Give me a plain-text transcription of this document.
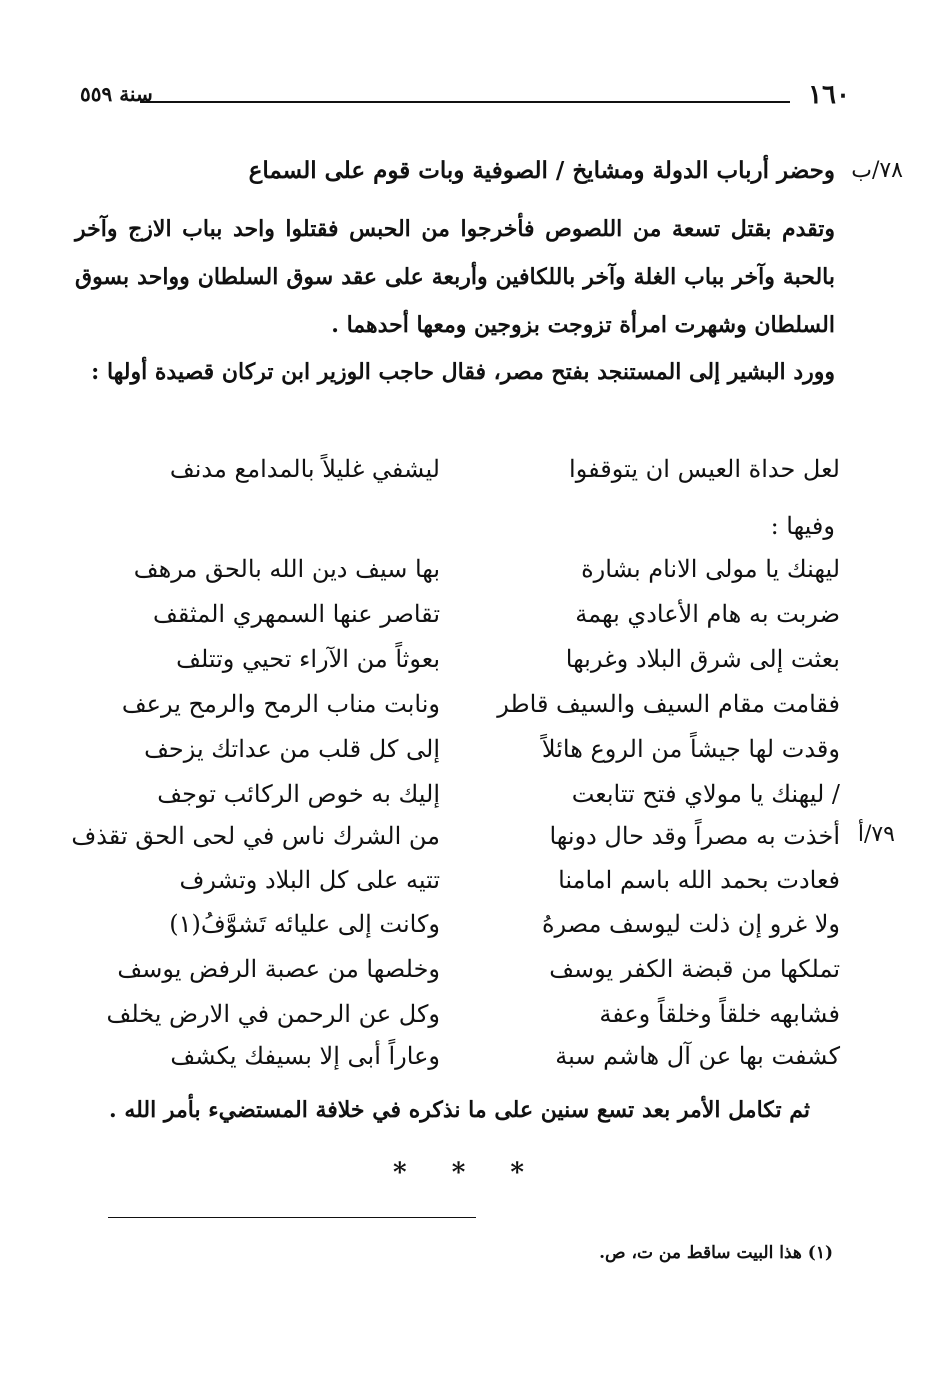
١٦٠
سنة ٥٥٩
٧٨/ب
وحضر أرباب الدولة ومشايخ / الصوفية وبات قوم على السماع
وتقدم بقتل تسعة من اللصوص فأخرجوا من الحبس فقتلوا واحد بباب الازج وآخر بالحبة وآخر بباب الغلة وآخر باللكافين وأربعة على عقد سوق السلطان وواحد بسوق السلطان وشهرت امرأة تزوجت بزوجين ومعها أحدهما .
وورد البشير إلى المستنجد بفتح مصر، فقال حاجب الوزير ابن تركان قصيدة أولها :
لعل حداة العيس ان يتوقفوا
ليشفي غليلاً بالمدامع مدنف
وفيها :
ليهنك يا مولى الانام بشارة
بها سيف دين الله بالحق مرهف
ضربت به هام الأعادي بهمة
تقاصر عنها السمهري المثقف
بعثت إلى شرق البلاد وغربها
بعوثاً من الآراء تحيي وتتلف
فقامت مقام السيف والسيف قاطر
ونابت مناب الرمح والرمح يرعف
وقدت لها جيشاً من الروع هائلاً
إلى كل قلب من عداتك يزحف
/ ليهنك يا مولاي فتح تتابعت
إليك به خوص الركائب توجف
٧٩/أ
أخذت به مصراً وقد حال دونها
من الشرك ناس في لحى الحق تقذف
فعادت بحمد الله باسم امامنا
تتيه على كل البلاد وتشرف
ولا غرو إن ذلت ليوسف مصرهُ
وكانت إلى عليائه تَشوَّفُ(١)
تملكها من قبضة الكفر يوسف
وخلصها من عصبة الرفض يوسف
فشابهه خلقاً وخلقاً وعفة
وكل عن الرحمن في الارض يخلف
كشفت بها عن آل هاشم سبة
وعاراً أبى إلا بسيفك يكشف
ثم تكامل الأمر بعد تسع سنين على ما نذكره في خلافة المستضيء بأمر الله .
* * *
(١) هذا البيت ساقط من ت، ص.
